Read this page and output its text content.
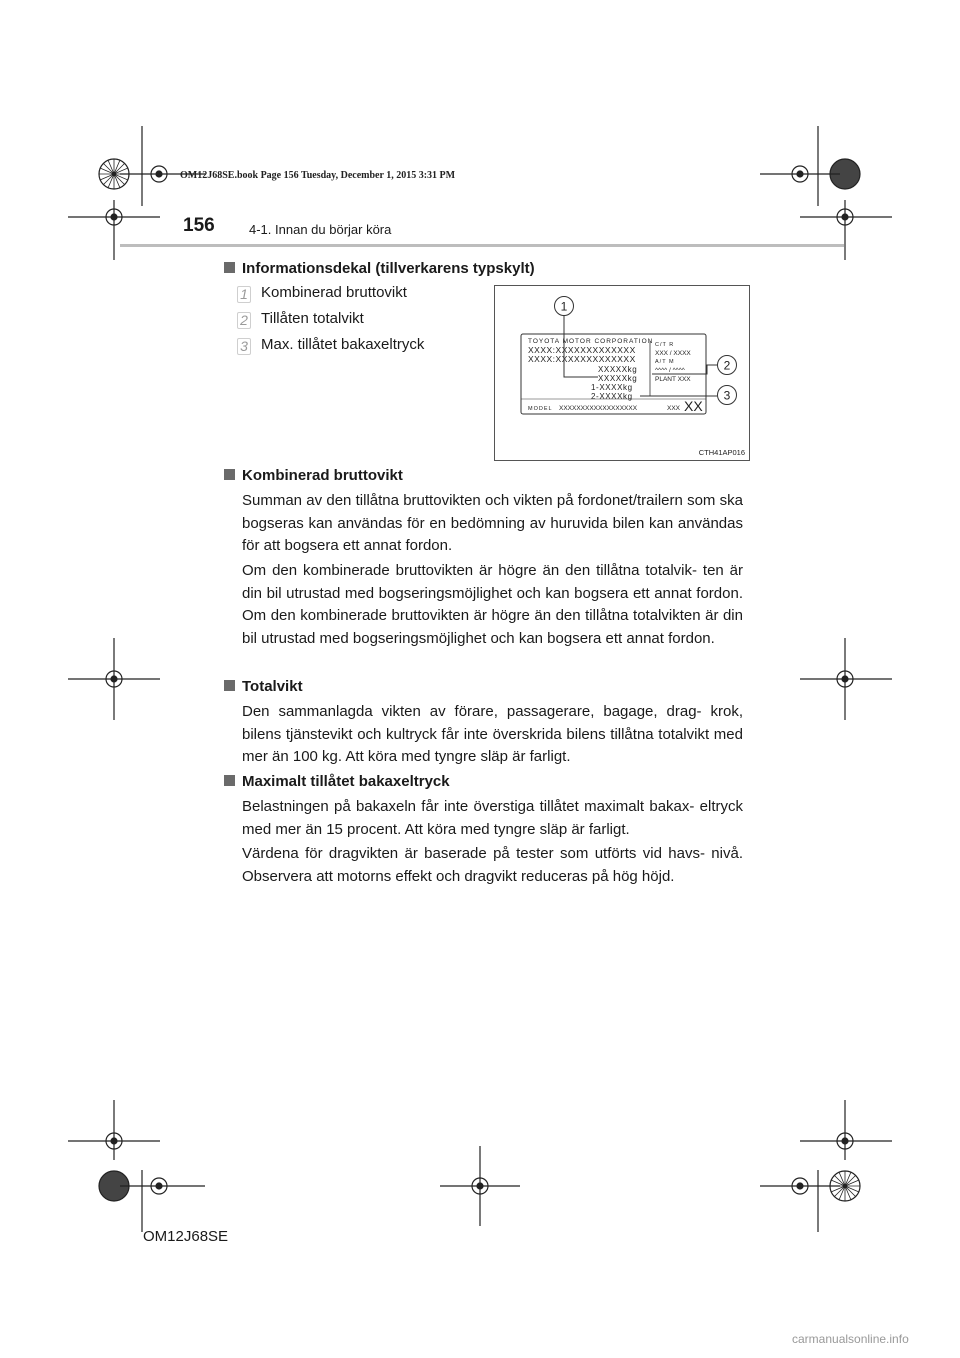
OM12J68SE.book Page 156 Tuesday, December 1, 2015 3:31 PM
156	4-1. Innan du börjar köra
Informationsdekal (tillverkarens typskylt)
1 Kombinerad bruttovikt
2 Tillåten totalvikt
3 Max. tillåtet bakaxeltryck	TOYOTA MOTOR CORPORATION
XXXX:XXXXXXXXXXXXX
XXXX:XXXXXXXXXXXXX
XXXXXkg
XXXXXkg
1-XXXXkg
2-XXXXkg
C/T R
XXX / XXXX
A/T M
^^^^ / ^^^^
PLANT XXX
MODEL XXXXXXXXXXXXXXXXXX	XXX XX
1
2
3
CTH41AP016
Kombinerad bruttovikt
Summan av den tillåtna bruttovikten och vikten på fordonet/trailern som ska bogseras kan användas för en bedömning av huruvida bilen kan användas för att bogsera ett annat fordon.
Om den kombinerade bruttovikten är högre än den tillåtna totalvik- ten är din bil utrustad med bogseringsmöjlighet och kan bogsera ett annat fordon. Om den kombinerade bruttovikten är högre än den tillåtna totalvikten är din bil utrustad med bogseringsmöjlighet och kan bogsera ett annat fordon.
Totalvikt
Den sammanlagda vikten av förare, passagerare, bagage, drag- krok, bilens tjänstevikt och kultryck får inte överskrida bilens tillåtna totalvikt med mer än 100 kg. Att köra med tyngre släp är farligt.
Maximalt tillåtet bakaxeltryck
Belastningen på bakaxeln får inte överstiga tillåtet maximalt bakax- eltryck med mer än 15 procent. Att köra med tyngre släp är farligt.
Värdena för dragvikten är baserade på tester som utförts vid havs- nivå. Observera att motorns effekt och dragvikt reduceras på hög höjd.
OM12J68SE
carmanualsonline.info
